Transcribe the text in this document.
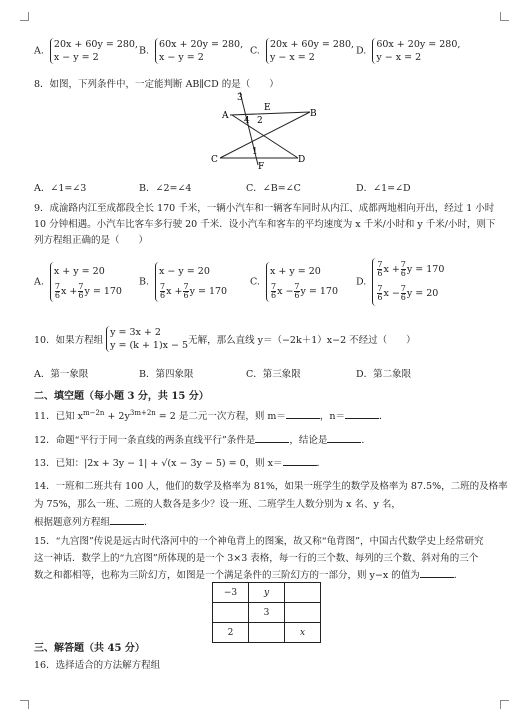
A. 20x + 60y = 280,
x − y = 2
B. 60x + 20y = 280,
x − y = 2
C. 20x + 60y = 280,
y − x = 2
D. 60x + 20y = 280,
y − x = 2
8．如图，下列条件中，一定能判断 AB∥CD 的是（　　）
3
A
E
4 2
B
C
1
F
D
A．∠1=∠3	B．∠2=∠4	C．∠B=∠C	D．∠1=∠D
9．成渝路内江至成都段全长 170 千米，一辆小汽车和一辆客车同时从内江、成都两地相向开出，经过 1 小时
10 分钟相遇。小汽车比客车多行驶 20 千米．设小汽车和客车的平均速度为 x 千米/小时和 y 千米/小时，则下
列方程组正确的是（　　）
A. x + y = 20

$\frac{7}{6}$ $x + \frac{7}{6}$ y = 170
B. x − y = 20

$\frac{7}{6}$ $x + \frac{7}{6}$ y = 170
C. x + y = 20

$\frac{7}{6}$ $x - \frac{7}{6}$ y = 170
D.
$\frac{7}{6}$ $x + \frac{7}{6}$ y = 170

$\frac{7}{6}$ $x - \frac{7}{6}$ y = 20
10．如果方程组y = 3x + 2
y = (k + 1)x − 5无解，那么直线 y＝（−2k＋1）x−2 不经过（　　）
A．第一象限	B．第四象限	C．第三象限	D．第二象限
二、填空题（每小题 3 分，共 15 分）
11．已知 $x^{m-2n} + 2y^{3m+2n} = 2$ 是二元一次方程，则 m＝	，n＝	．
12．命题“平行于同一条直线的两条直线平行”条件是	，结论是	．
13．已知：|2x + 3y − 1| + √(x − 3y − 5) = 0，则 x＝	．
14．一班和二班共有 100 人，他们的数学及格率为 81%，如果一班学生的数学及格率为 87.5%，二班的及格率
为 75%，那么一班、二班的人数各是多少？设一班、二班学生人数分别为 x 名、y 名，
根据题意列方程组	．
15．“九宫图”传说是远古时代洛河中的一个神龟背上的图案，故又称“龟背图”，中国古代数学史上经常研究
这一神话．数学上的“九宫图”所体现的是一个 3×3 表格，每一行的三个数、每列的三个数、斜对角的三个
数之和都相等，也称为三阶幻方，如图是一个满足条件的三阶幻方的一部分，则 y−x 的值为	．
−3	y	
	3	
2		x
三、解答题（共 45 分）
16．选择适合的方法解方程组
